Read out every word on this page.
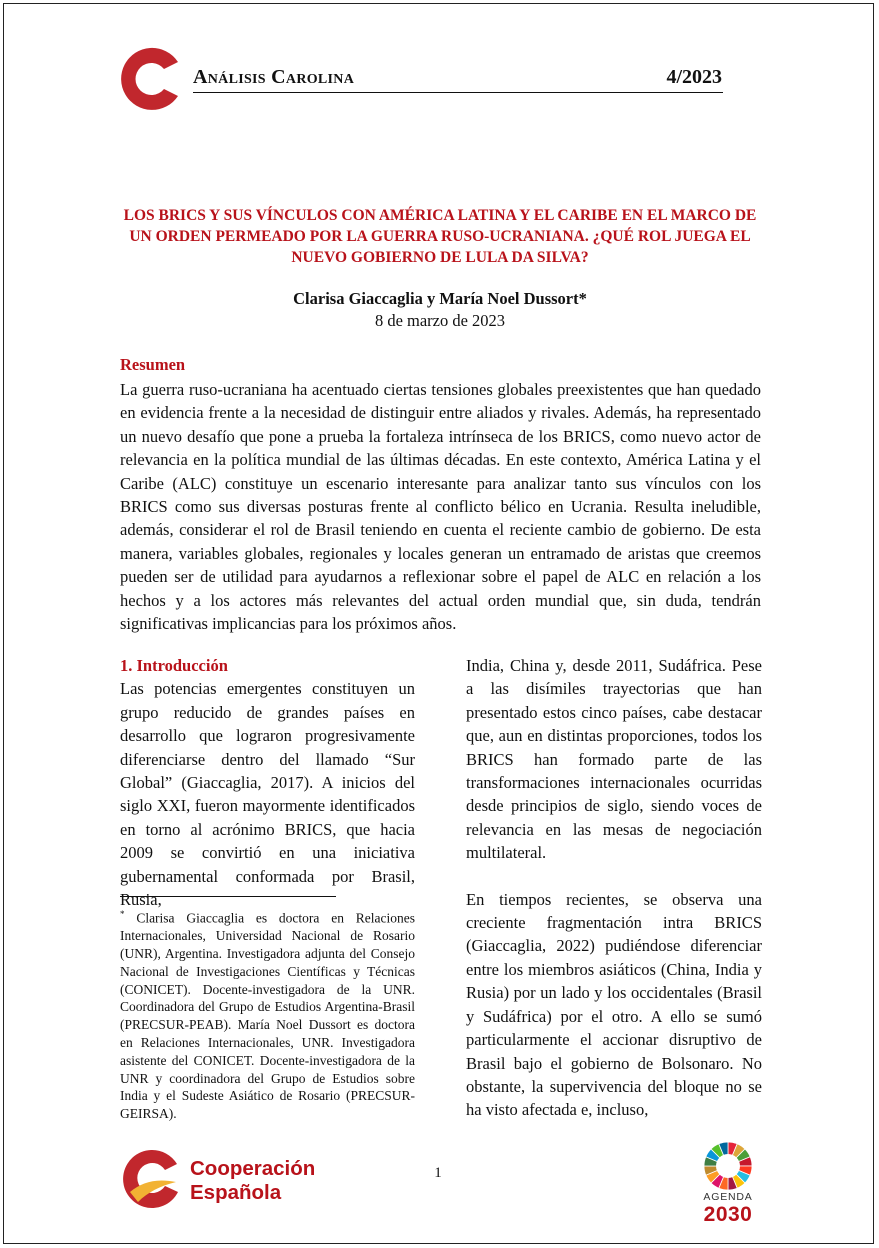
Análisis Carolina	4/2023
LOS BRICS Y SUS VÍNCULOS CON AMÉRICA LATINA Y EL CARIBE EN EL MARCO DE UN ORDEN PERMEADO POR LA GUERRA RUSO-UCRANIANA. ¿QUÉ ROL JUEGA EL NUEVO GOBIERNO DE LULA DA SILVA?
Clarisa Giaccaglia y María Noel Dussort*
8 de marzo de 2023
Resumen

La guerra ruso-ucraniana ha acentuado ciertas tensiones globales preexistentes que han quedado en evidencia frente a la necesidad de distinguir entre aliados y rivales. Además, ha representado un nuevo desafío que pone a prueba la fortaleza intrínseca de los BRICS, como nuevo actor de relevancia en la política mundial de las últimas décadas. En este contexto, América Latina y el Caribe (ALC) constituye un escenario interesante para analizar tanto sus vínculos con los BRICS como sus diversas posturas frente al conflicto bélico en Ucrania. Resulta ineludible, además, considerar el rol de Brasil teniendo en cuenta el reciente cambio de gobierno. De esta manera, variables globales, regionales y locales generan un entramado de aristas que creemos pueden ser de utilidad para ayudarnos a reflexionar sobre el papel de ALC en relación a los hechos y a los actores más relevantes del actual orden mundial que, sin duda, tendrán significativas implicancias para los próximos años.

1. Introducción

Las potencias emergentes constituyen un grupo reducido de grandes países en desarrollo que lograron progresivamente diferenciarse dentro del llamado “Sur Global” (Giaccaglia, 2017). A inicios del siglo XXI, fueron mayormente identificados en torno al acrónimo BRICS, que hacia 2009 se convirtió en una iniciativa gubernamental conformada por Brasil, Rusia,

India, China y, desde 2011, Sudáfrica. Pese a las disímiles trayectorias que han presentado estos cinco países, cabe destacar que, aun en distintas proporciones, todos los BRICS han formado parte de las transformaciones internacionales ocurridas desde principios de siglo, siendo voces de relevancia en las mesas de negociación multilateral.

En tiempos recientes, se observa una creciente fragmentación intra BRICS (Giaccaglia, 2022) pudiéndose diferenciar entre los miembros asiáticos (China, India y Rusia) por un lado y los occidentales (Brasil y Sudáfrica) por el otro. A ello se sumó particularmente el accionar disruptivo de Brasil bajo el gobierno de Bolsonaro. No obstante, la supervivencia del bloque no se ha visto afectada e, incluso,

* Clarisa Giaccaglia es doctora en Relaciones Internacionales, Universidad Nacional de Rosario (UNR), Argentina. Investigadora adjunta del Consejo Nacional de Investigaciones Científicas y Técnicas (CONICET). Docente-investigadora de la UNR. Coordinadora del Grupo de Estudios Argentina-Brasil (PRECSUR-PEAB). María Noel Dussort es doctora en Relaciones Internacionales, UNR. Investigadora asistente del CONICET. Docente-investigadora de la UNR y coordinadora del Grupo de Estudios sobre India y el Sudeste Asiático de Rosario (PRECSUR-GEIRSA).

Cooperación
Española
1
AGENDA
2030
